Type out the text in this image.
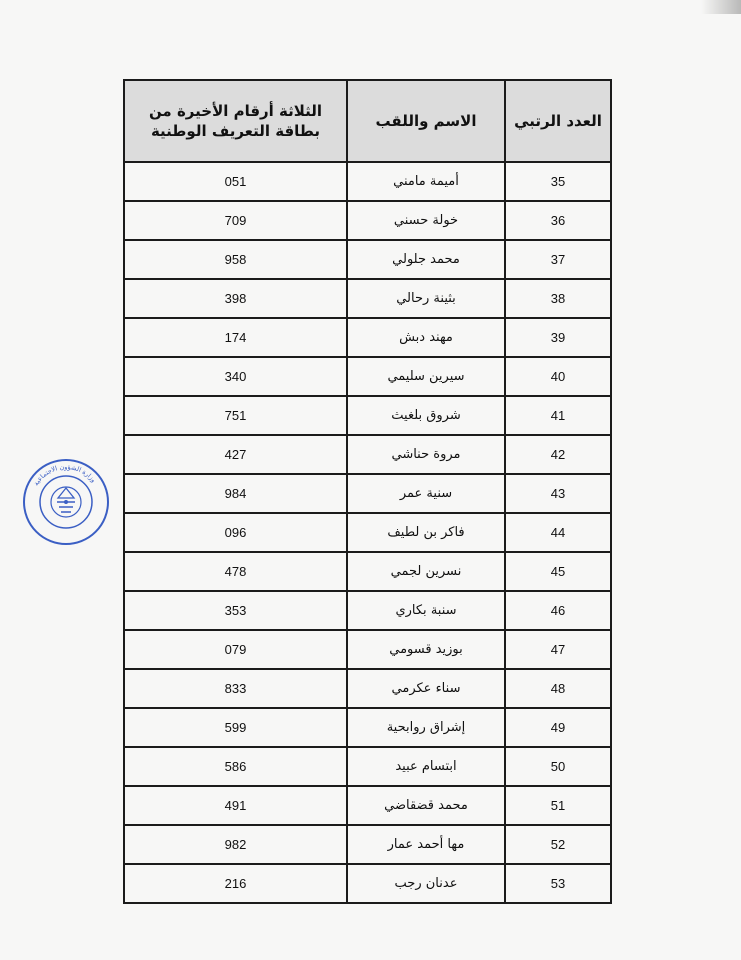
وزارة الشؤون الاجتماعية
العدد الرتبي	الاسم واللقب	الثلاثة أرقام الأخيرة من بطاقة التعريف الوطنية

35	أميمة مامني	051
36	خولة حسني	709
37	محمد جلولي	958
38	بثينة رحالي	398
39	مهند دبش	174
40	سيرين سليمي	340
41	شروق بلغيث	751
42	مروة حناشي	427
43	سنية عمر	984
44	فاكر بن لطيف	096
45	نسرين لجمي	478
46	سنبة بكاري	353
47	بوزيد قسومي	079
48	سناء عكرمي	833
49	إشراق روابحية	599
50	ابتسام عبيد	586
51	محمد قضقاضي	491
52	مها أحمد عمار	982
53	عدنان رجب	216
